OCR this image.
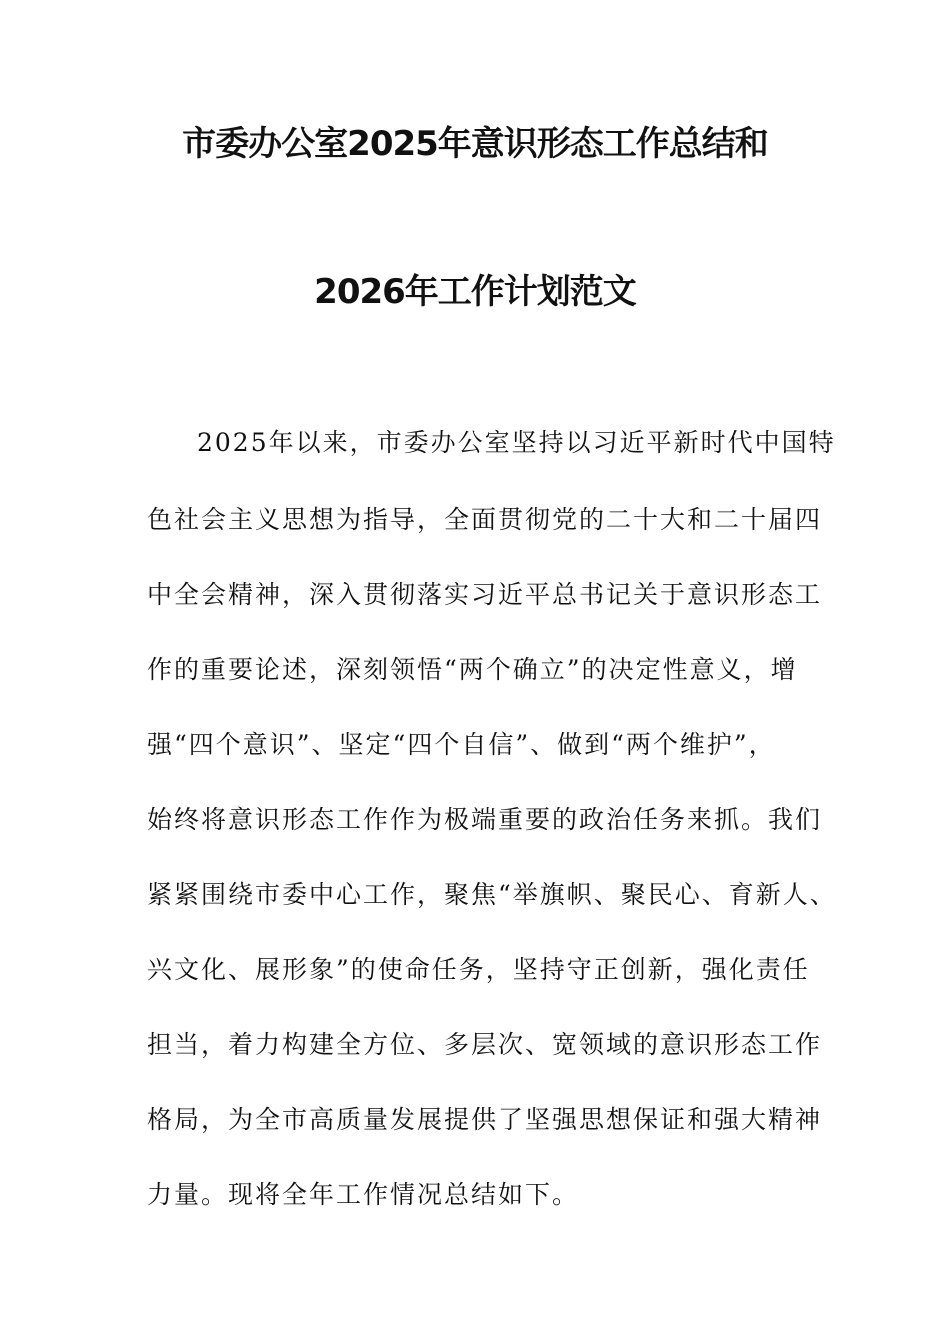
市委办公室2025年意识形态工作总结和
2026年工作计划范文
2025年以来，市委办公室坚持以习近平新时代中国特
色社会主义思想为指导，全面贯彻党的二十大和二十届四
中全会精神，深入贯彻落实习近平总书记关于意识形态工
作的重要论述，深刻领悟“两个确立”的决定性意义，增
强“四个意识”、坚定“四个自信”、做到“两个维护”，
始终将意识形态工作作为极端重要的政治任务来抓。我们
紧紧围绕市委中心工作，聚焦“举旗帜、聚民心、育新人、
兴文化、展形象”的使命任务，坚持守正创新，强化责任
担当，着力构建全方位、多层次、宽领域的意识形态工作
格局，为全市高质量发展提供了坚强思想保证和强大精神
力量。现将全年工作情况总结如下。
